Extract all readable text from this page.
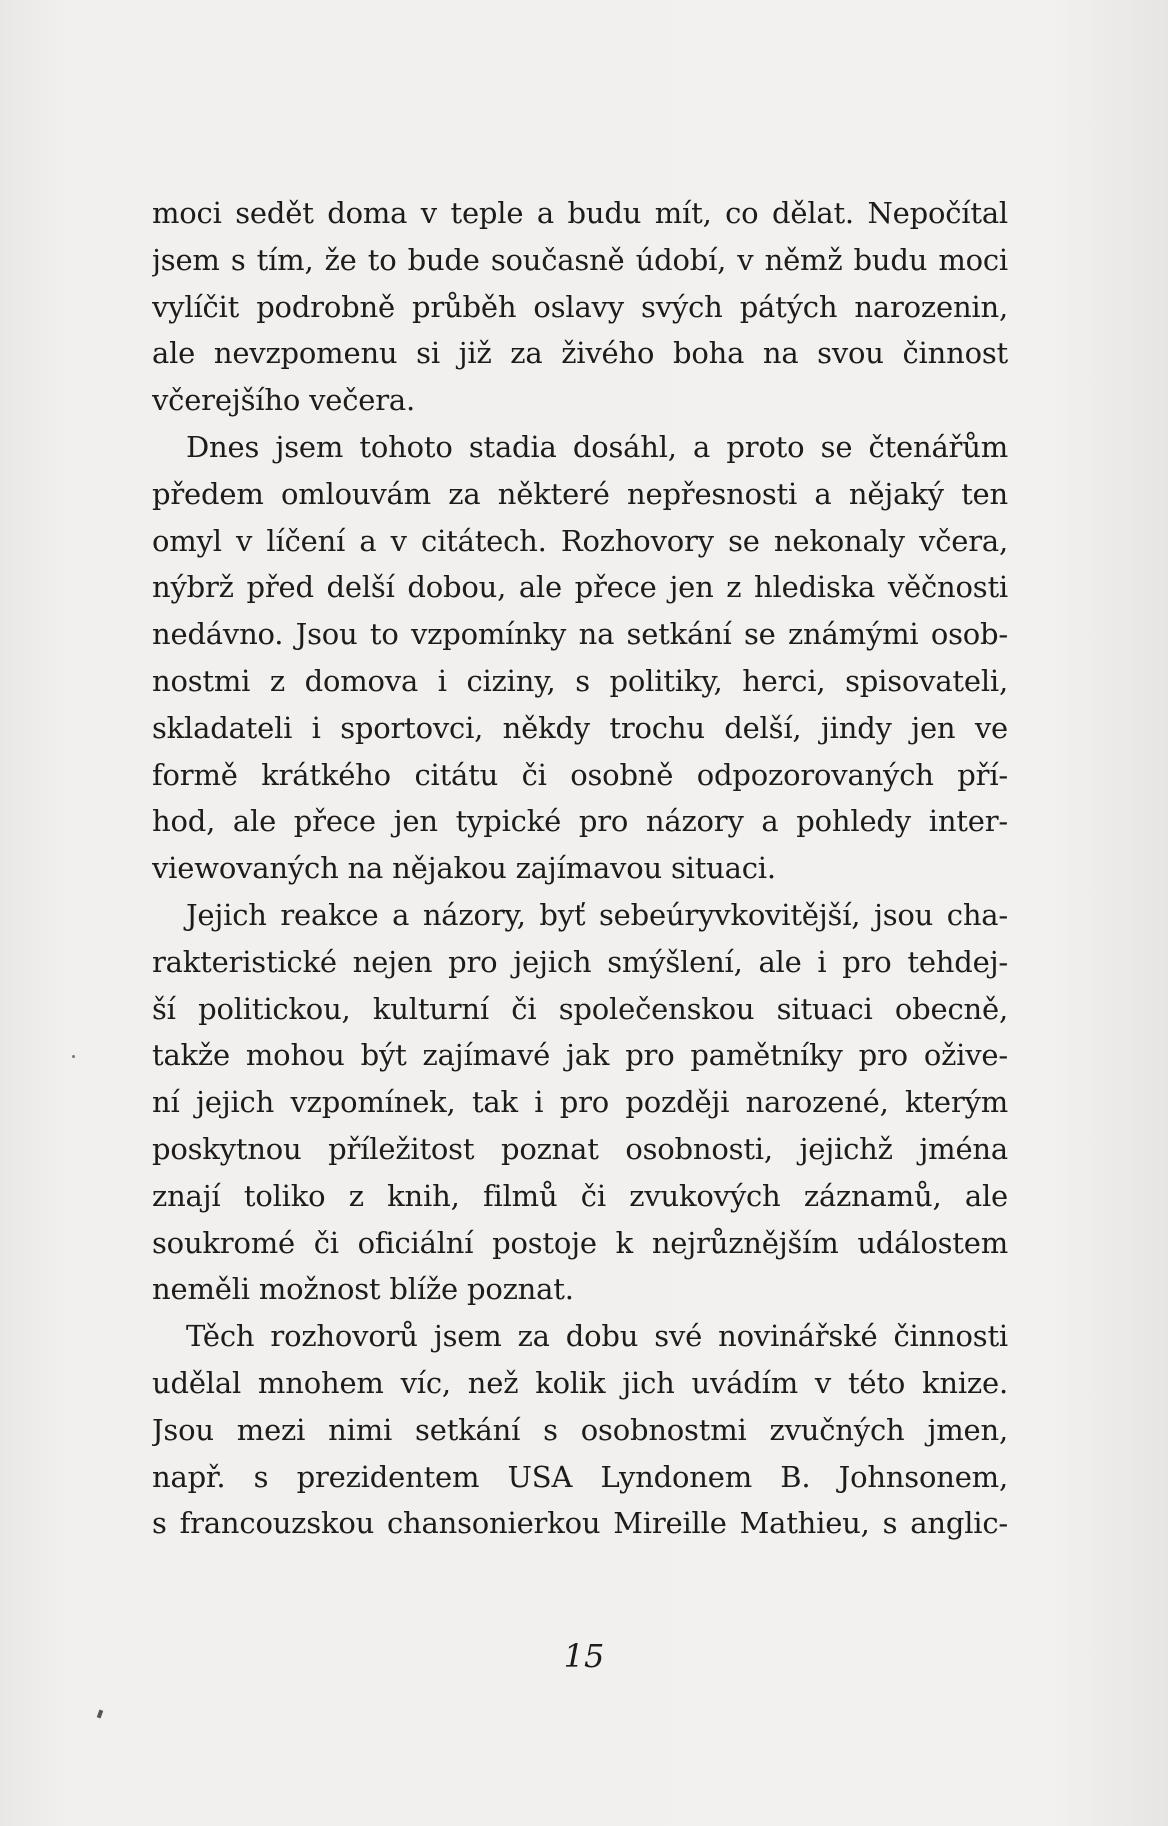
moci sedět doma v teple a budu mít, co dělat. Nepočítal
jsem s tím, že to bude současně údobí, v němž budu moci
vylíčit podrobně průběh oslavy svých pátých narozenin,
ale nevzpomenu si již za živého boha na svou činnost
včerejšího večera.
Dnes jsem tohoto stadia dosáhl, a proto se čtenářům
předem omlouvám za některé nepřesnosti a nějaký ten
omyl v líčení a v citátech. Rozhovory se nekonaly včera,
nýbrž před delší dobou, ale přece jen z hlediska věčnosti
nedávno. Jsou to vzpomínky na setkání se známými osob-
nostmi z domova i ciziny, s politiky, herci, spisovateli,
skladateli i sportovci, někdy trochu delší, jindy jen ve
formě krátkého citátu či osobně odpozorovaných pří-
hod, ale přece jen typické pro názory a pohledy inter-
viewovaných na nějakou zajímavou situaci.
Jejich reakce a názory, byť sebeúryvkovitější, jsou cha-
rakteristické nejen pro jejich smýšlení, ale i pro tehdej-
ší politickou, kulturní či společenskou situaci obecně,
takže mohou být zajímavé jak pro pamětníky pro ožive-
ní jejich vzpomínek, tak i pro později narozené, kterým
poskytnou příležitost poznat osobnosti, jejichž jména
znají toliko z knih, filmů či zvukových záznamů, ale
soukromé či oficiální postoje k nejrůznějším událostem
neměli možnost blíže poznat.
Těch rozhovorů jsem za dobu své novinářské činnosti
udělal mnohem víc, než kolik jich uvádím v této knize.
Jsou mezi nimi setkání s osobnostmi zvučných jmen,
např. s prezidentem USA Lyndonem B. Johnsonem,
s francouzskou chansonierkou Mireille Mathieu, s anglic-
15
